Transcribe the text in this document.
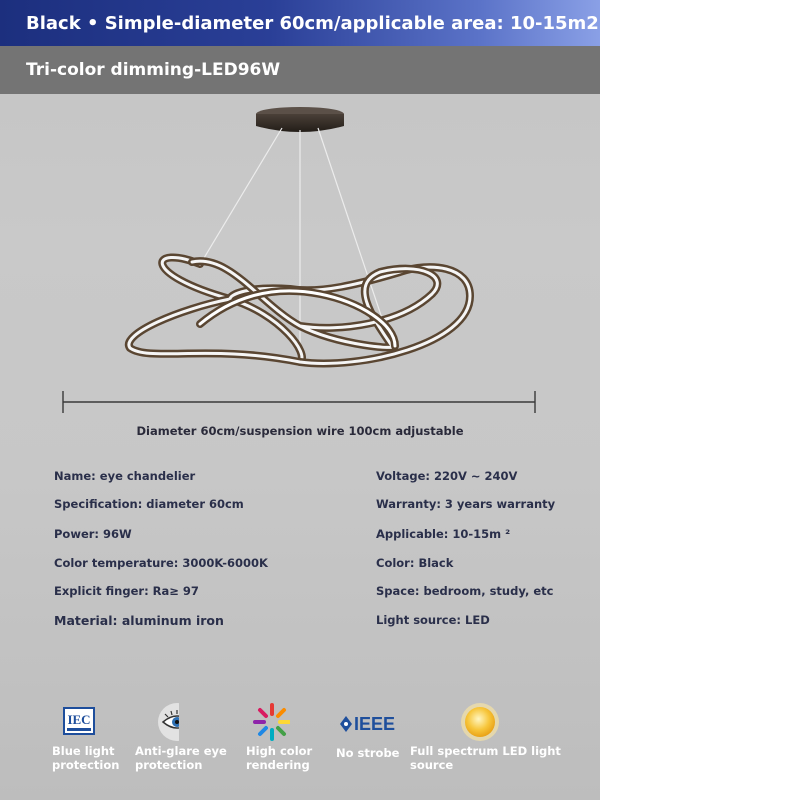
Black • Simple-diameter 60cm/applicable area: 10-15m2
Tri-color dimming-LED96W
Diameter 60cm/suspension wire 100cm adjustable
Name: eye chandelier
Specification: diameter 60cm
Power: 96W
Color temperature: 3000K-6000K
Explicit finger: Ra≥ 97
Material: aluminum iron
Voltage: 220V ~ 240V
Warranty: 3 years warranty
Applicable: 10-15m ²
Color: Black
Space: bedroom, study, etc
Light source: LED
IEC
Blue light
protection
Anti-glare eye
protection
High color
rendering
IEEE
No strobe Full spectrum LED light
source
